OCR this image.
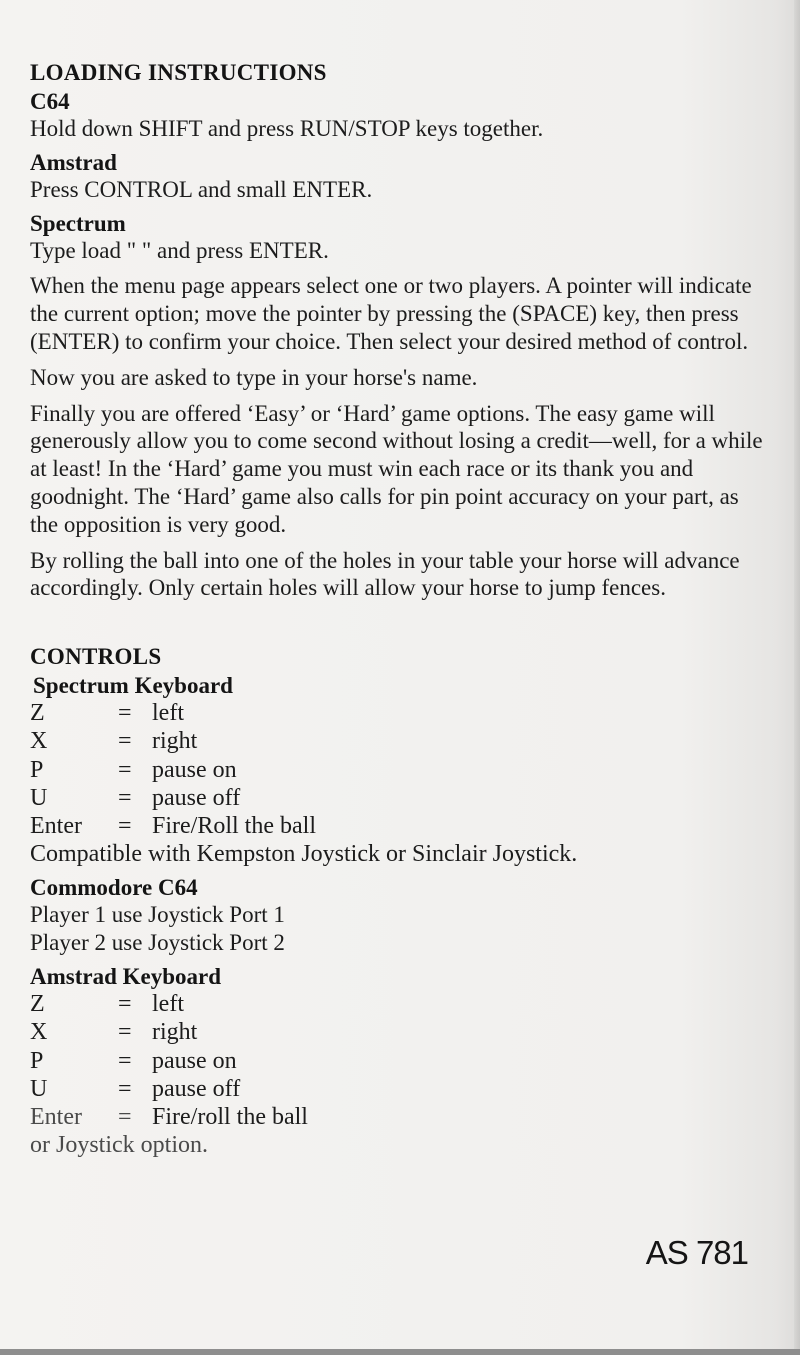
LOADING INSTRUCTIONS
C64

Hold down SHIFT and press RUN/STOP keys together.

Amstrad

Press CONTROL and small ENTER.

Spectrum

Type load " " and press ENTER.

When the menu page appears select one or two players. A pointer will indicate the current option; move the pointer by pressing the (SPACE) key, then press (ENTER) to confirm your choice. Then select your desired method of control.

Now you are asked to type in your horse's name.

Finally you are offered ‘Easy’ or ‘Hard’ game options. The easy game will generously allow you to come second without losing a credit—well, for a while at least! In the ‘Hard’ game you must win each race or its thank you and goodnight. The ‘Hard’ game also calls for pin point accuracy on your part, as the opposition is very good.

By rolling the ball into one of the holes in your table your horse will advance accordingly. Only certain holes will allow your horse to jump fences.

CONTROLS
Spectrum Keyboard
Z	= left
X	= right
P	= pause on
U	= pause off
Enter	= Fire/Roll the ball

Compatible with Kempston Joystick or Sinclair Joystick.

Commodore C64

Player 1 use Joystick Port 1

Player 2 use Joystick Port 2

Amstrad Keyboard
Z	= left
X	= right
P	= pause on
U	= pause off
Enter	= Fire/roll the ball

or Joystick option.

AS 781
